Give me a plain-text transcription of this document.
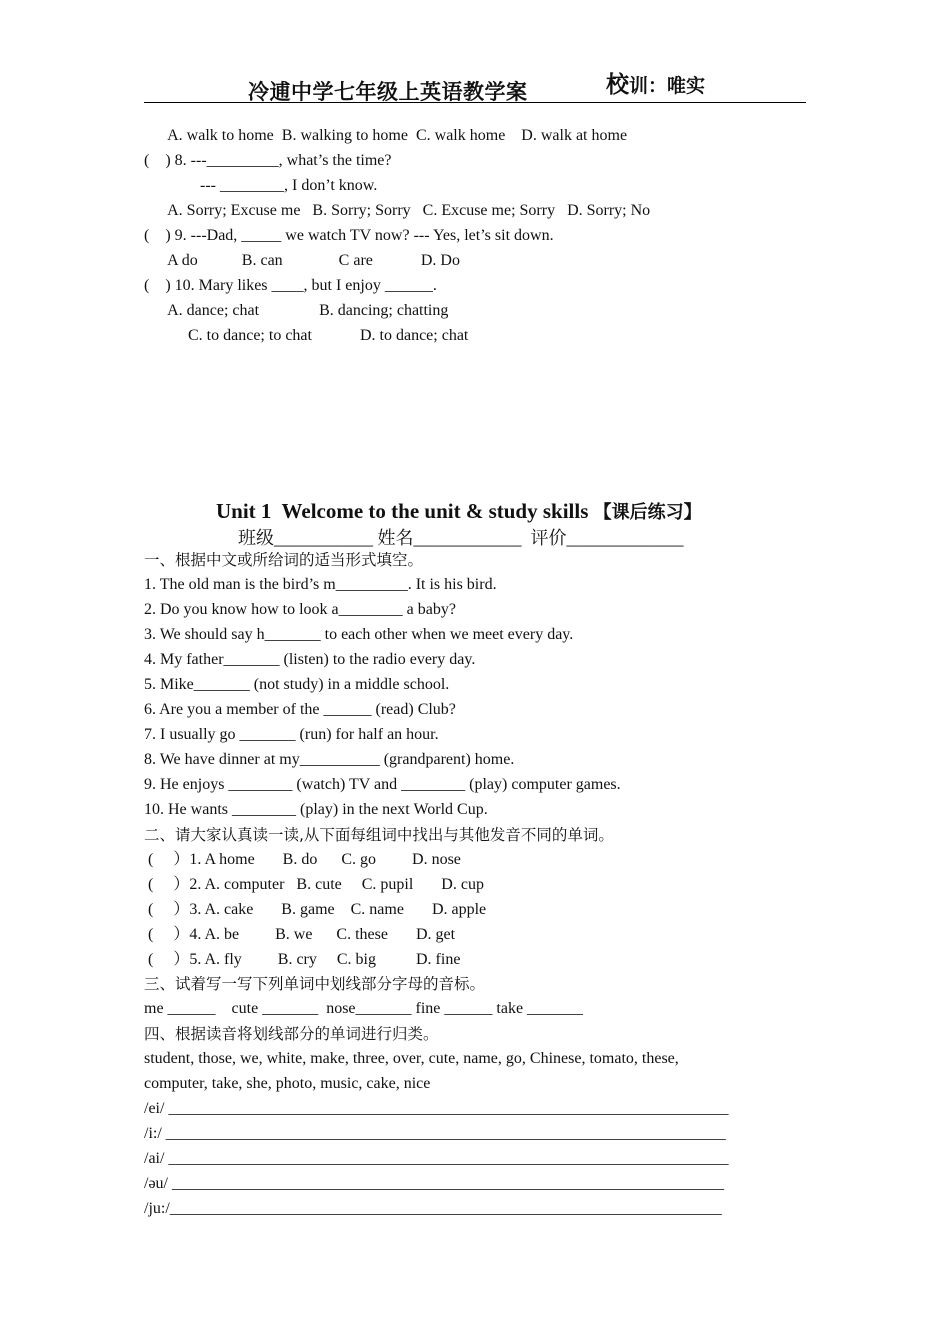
冷逋中学七年级上英语教学案	校训：唯实
A. walk to home  B. walking to home  C. walk home    D. walk at home
(    ) 8. ---_________, what’s the time?
--- ________, I don’t know.
A. Sorry; Excuse me   B. Sorry; Sorry   C. Excuse me; Sorry   D. Sorry; No
(    ) 9. ---Dad, _____ we watch TV now? --- Yes, let’s sit down.
A do           B. can              C are            D. Do
(    ) 10. Mary likes ____, but I enjoy ______.
A. dance; chat               B. dancing; chatting
C. to dance; to chat            D. to dance; chat
Unit 1  Welcome to the unit & study skills 【课后练习】
班级___________ 姓名____________  评价_____________
一、根据中文或所给词的适当形式填空。
1. The old man is the bird’s m_________. It is his bird.
2. Do you know how to look a________ a baby?
3. We should say h_______ to each other when we meet every day.
4. My father_______ (listen) to the radio every day.
5. Mike_______ (not study) in a middle school.
6. Are you a member of the ______ (read) Club?
7. I usually go _______ (run) for half an hour.
8. We have dinner at my__________ (grandparent) home.
9. He enjoys ________ (watch) TV and ________ (play) computer games.
10. He wants ________ (play) in the next World Cup.
二、请大家认真读一读,从下面每组词中找出与其他发音不同的单词。
(     ）1. A home       B. do      C. go         D. nose
(     ）2. A. computer   B. cute     C. pupil       D. cup
(     ）3. A. cake       B. game    C. name       D. apple
(     ）4. A. be         B. we      C. these       D. get
(     ）5. A. fly         B. cry     C. big          D. fine
三、试着写一写下列单词中划线部分字母的音标。
me ______    cute _______  nose_______ fine ______ take _______
四、根据读音将划线部分的单词进行归类。
student, those, we, white, make, three, over, cute, name, go, Chinese, tomato, these,
computer, take, she, photo, music, cake, nice
/ei/ ______________________________________________________________________
/i:/ ______________________________________________________________________
/ai/ ______________________________________________________________________
/əu/ _____________________________________________________________________
/ju:/_____________________________________________________________________
